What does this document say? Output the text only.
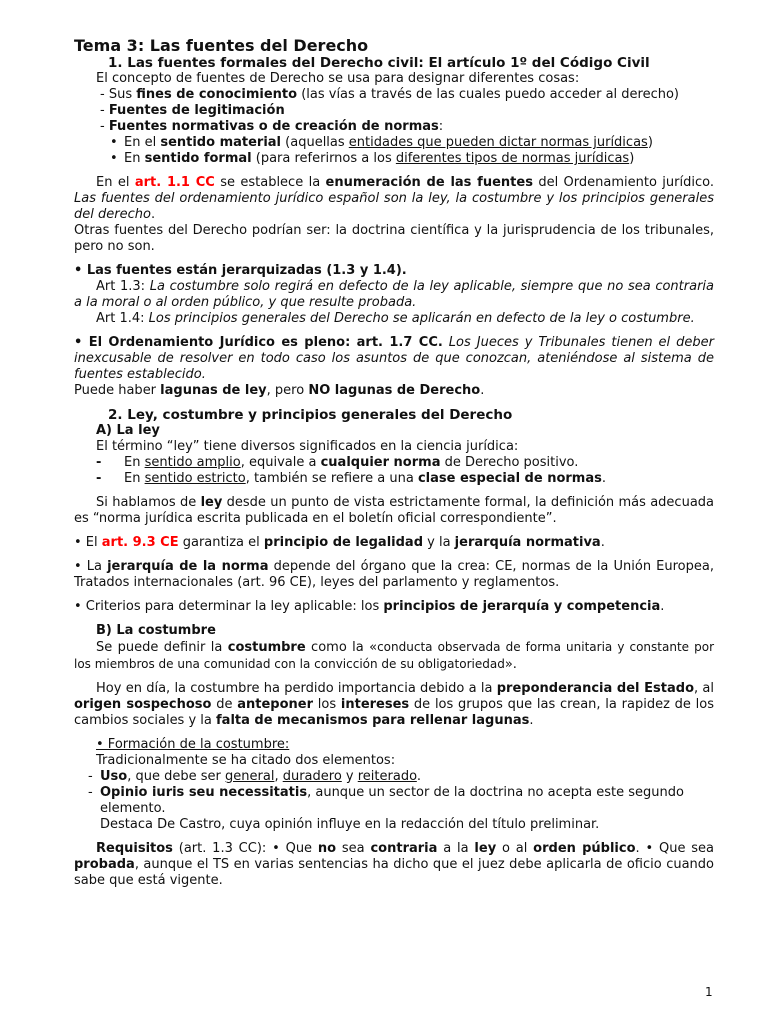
Tema 3: Las fuentes del Derecho

1. Las fuentes formales del Derecho civil: El artículo 1º del Código Civil

El concepto de fuentes de Derecho se usa para designar diferentes cosas:

- Sus fines de conocimiento (las vías a través de las cuales puedo acceder al derecho)

- Fuentes de legitimación

- Fuentes normativas o de creación de normas:

• En el sentido material (aquellas entidades que pueden dictar normas jurídicas)
• En sentido formal (para referirnos a los diferentes tipos de normas jurídicas)

En el art. 1.1 CC se establece la enumeración de las fuentes del Ordenamiento jurídico. Las fuentes del ordenamiento jurídico español son la ley, la costumbre y los principios generales del derecho.

Otras fuentes del Derecho podrían ser: la doctrina científica y la jurisprudencia de los tribunales, pero no son.

• Las fuentes están jerarquizadas (1.3 y 1.4).

Art 1.3: La costumbre solo regirá en defecto de la ley aplicable, siempre que no sea contraria a la moral o al orden público, y que resulte probada.

Art 1.4: Los principios generales del Derecho se aplicarán en defecto de la ley o costumbre.

• El Ordenamiento Jurídico es pleno: art. 1.7 CC. Los Jueces y Tribunales tienen el deber inexcusable de resolver en todo caso los asuntos de que conozcan, ateniéndose al sistema de fuentes establecido.

Puede haber lagunas de ley, pero NO lagunas de Derecho.

2. Ley, costumbre y principios generales del Derecho

A) La ley

El término “ley” tiene diversos significados en la ciencia jurídica:

-	En sentido amplio, equivale a cualquier norma de Derecho positivo.
-	En sentido estricto, también se refiere a una clase especial de normas.

Si hablamos de ley desde un punto de vista estrictamente formal, la definición más adecuada es “norma jurídica escrita publicada en el boletín oficial correspondiente”.

• El art. 9.3 CE garantiza el principio de legalidad y la jerarquía normativa.

• La jerarquía de la norma depende del órgano que la crea: CE, normas de la Unión Europea, Tratados internacionales (art. 96 CE), leyes del parlamento y reglamentos.

• Criterios para determinar la ley aplicable: los principios de jerarquía y competencia.

B) La costumbre

Se puede definir la costumbre como la «conducta observada de forma unitaria y constante por los miembros de una comunidad con la convicción de su obligatoriedad».

Hoy en día, la costumbre ha perdido importancia debido a la preponderancia del Estado, al origen sospechoso de anteponer los intereses de los grupos que las crean, la rapidez de los cambios sociales y la falta de mecanismos para rellenar lagunas.

• Formación de la costumbre:

Tradicionalmente se ha citado dos elementos:

- Uso, que debe ser general, duradero y reiterado.
- Opinio iuris seu necessitatis, aunque un sector de la doctrina no acepta este segundo elemento.

Destaca De Castro, cuya opinión influye en la redacción del título preliminar.

Requisitos (art. 1.3 CC): • Que no sea contraria a la ley o al orden público. • Que sea probada, aunque el TS en varias sentencias ha dicho que el juez debe aplicarla de oficio cuando sabe que está vigente.

1
